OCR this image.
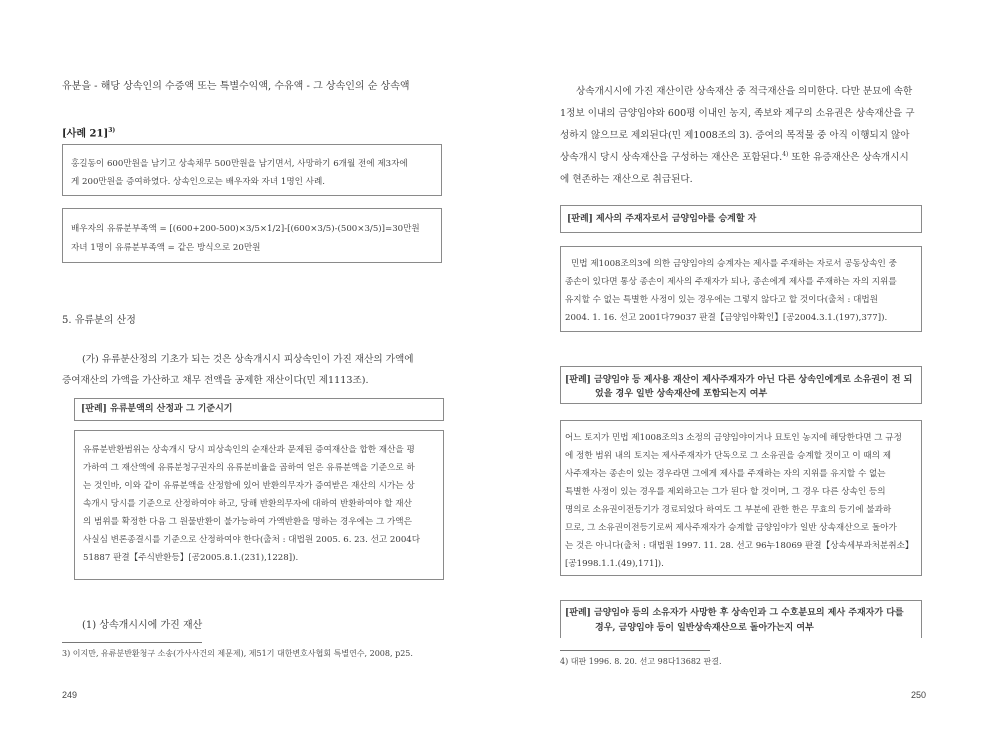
유분을 - 해당 상속인의 수증액 또는 특별수익액, 수유액 - 그 상속인의 순 상속액
[사례 21]$^{3)}$
홍길동이 600만원을 남기고 상속채무 500만원을 남기면서, 사망하기 6개월 전에 제3자에
게 200만원을 증여하였다. 상속인으로는 배우자와 자녀 1명인 사례.
배우자의 유류분부족액 = [(600+200-500)×3/5×1/2]-[(600×3/5)-(500×3/5)]=30만원
자녀 1명이 유류분부족액 = 같은 방식으로 20만원
5. 유류분의 산정
(가) 유류분산정의 기초가 되는 것은 상속개시시 피상속인이 가진 재산의 가액에
증여재산의 가액을 가산하고 채무 전액을 공제한 재산이다(민 제1113조).
[판례] 유류분액의 산정과 그 기준시기
유류분반환범위는 상속개시 당시 피상속인의 순재산과 문제된 증여재산을 합한 재산을 평
가하여 그 재산액에 유류분청구권자의 유류분비율을 곱하여 얻은 유류분액을 기준으로 하
는 것인바, 이와 같이 유류분액을 산정함에 있어 반환의무자가 증여받은 재산의 시가는 상
속개시 당시를 기준으로 산정하여야 하고, 당해 반환의무자에 대하여 반환하여야 할 재산
의 범위를 확정한 다음 그 원물반환이 불가능하여 가액반환을 명하는 경우에는 그 가액은
사실심 변론종결시를 기준으로 산정하여야 한다(출처 : 대법원 2005. 6. 23. 선고 2004다
51887 판결【주식반환등】[공2005.8.1.(231),1228]).
(1) 상속개시시에 가진 재산
3) 이지만, 유류분반환청구 소송(가사사건의 제문제), 제51기 대한변호사협회 특별연수, 2008, p25.
249
상속개시시에 가진 재산이란 상속재산 중 적극재산을 의미한다. 다만 분묘에 속한
1정보 이내의 금양임야와 600평 이내인 농지, 족보와 제구의 소유권은 상속재산을 구
성하지 않으므로 제외된다(민 제1008조의 3). 증여의 목적물 중 아직 이행되지 않아
상속개시 당시 상속재산을 구성하는 재산은 포함된다.$^{4)}$ 또한 유증재산은 상속개시시
에 현존하는 재산으로 취급된다.
[판례] 제사의 주재자로서 금양임야를 승계할 자
민법 제1008조의3에 의한 금양임야의 승계자는 제사를 주재하는 자로서 공동상속인 중
종손이 있다면 통상 종손이 제사의 주재자가 되나, 종손에게 제사를 주재하는 자의 지위를
유지할 수 없는 특별한 사정이 있는 경우에는 그렇지 않다고 할 것이다(출처 : 대법원
2004. 1. 16. 선고 2001다79037 판결【금양임야확인】[공2004.3.1.(197),377]).
[판례] 금양임야 등 제사용 재산이 제사주재자가 아닌 다른 상속인에게로 소유권이 전 되
었을 경우 일반 상속재산에 포함되는지 여부
어느 토지가 민법 제1008조의3 소정의 금양임야이거나 묘토인 농지에 해당한다면 그 규정
에 정한 범위 내의 토지는 제사주재자가 단독으로 그 소유권을 승계할 것이고 이 때의 제
사주재자는 종손이 있는 경우라면 그에게 제사를 주재하는 자의 지위를 유지할 수 없는
특별한 사정이 있는 경우를 제외하고는 그가 된다 할 것이며, 그 경우 다른 상속인 등의
명의로 소유권이전등기가 경료되었다 하여도 그 부분에 관한 한은 무효의 등기에 불과하
므로, 그 소유권이전등기로써 제사주재자가 승계할 금양임야가 일반 상속재산으로 돌아가
는 것은 아니다(출처 : 대법원 1997. 11. 28. 선고 96누18069 판결【상속세부과처분취소】
[공1998.1.1.(49),171]).
[판례] 금양임야 등의 소유자가 사망한 후 상속인과 그 수호분묘의 제사 주재자가 다를
경우, 금양임야 등이 일반상속재산으로 돌아가는지 여부
4) 대판 1996. 8. 20. 선고 98다13682 판결.
250
